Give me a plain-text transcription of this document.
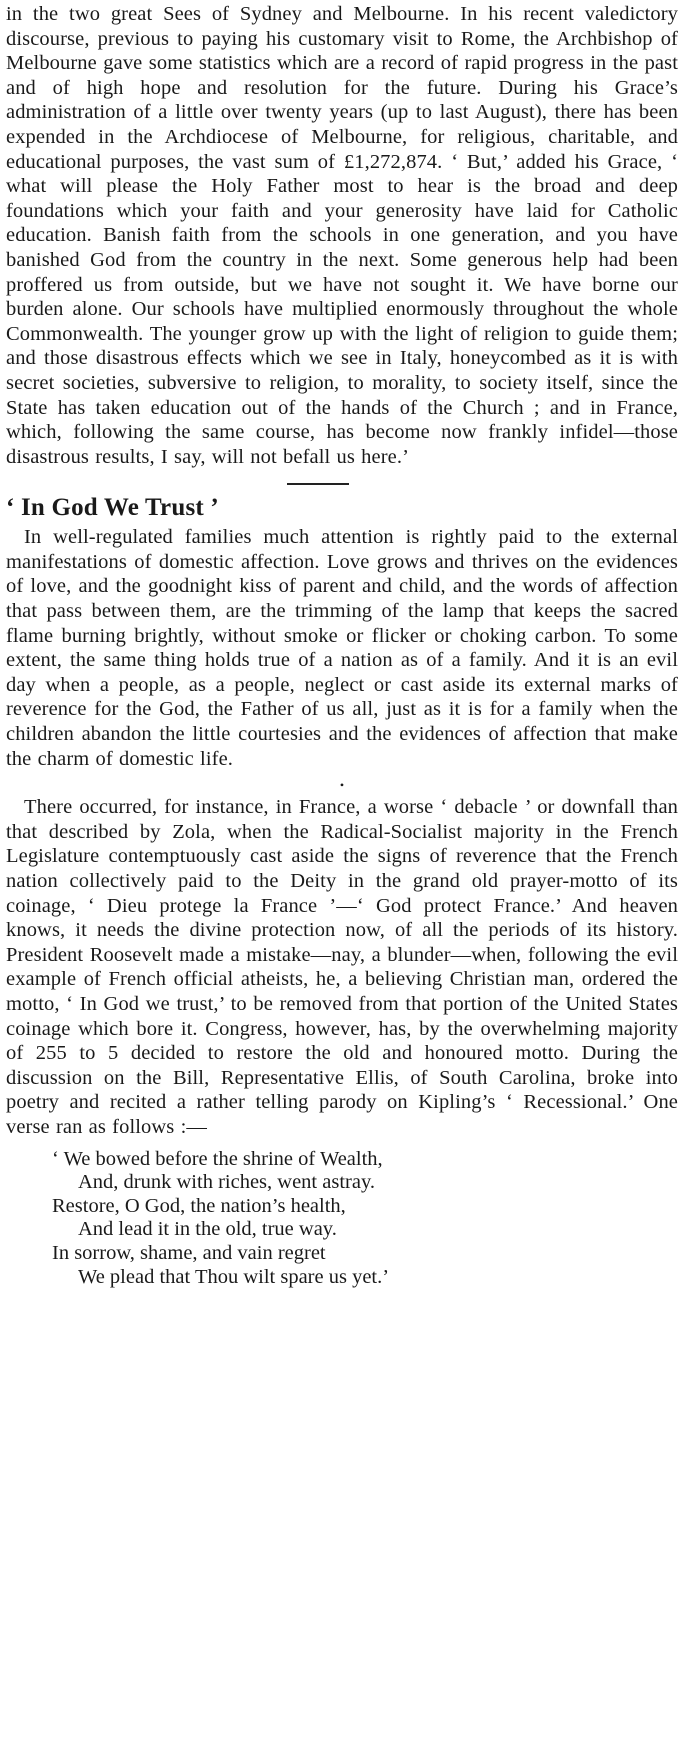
in the two great Sees of Sydney and Melbourne. In his recent valedictory discourse, previous to paying his customary visit to Rome, the Archbishop of Melbourne gave some statistics which are a record of rapid progress in the past and of high hope and resolution for the future. During his Grace’s administration of a little over twenty years (up to last August), there has been expended in the Archdiocese of Melbourne, for religious, charitable, and educational purposes, the vast sum of £1,272,874. ‘ But,’ added his Grace, ‘ what will please the Holy Father most to hear is the broad and deep foundations which your faith and your generosity have laid for Catholic education. Banish faith from the schools in one generation, and you have banished God from the country in the next. Some generous help had been proffered us from outside, but we have not sought it. We have borne our burden alone. Our schools have multiplied enormously throughout the whole Commonwealth. The younger grow up with the light of religion to guide them; and those disastrous effects which we see in Italy, honeycombed as it is with secret societies, subversive to religion, to morality, to society itself, since the State has taken education out of the hands of the Church ; and in France, which, following the same course, has become now frankly infidel—those disastrous results, I say, will not befall us here.’

‘ In God We Trust ’

In well-regulated families much attention is rightly paid to the external manifestations of domestic affection. Love grows and thrives on the evidences of love, and the goodnight kiss of parent and child, and the words of affection that pass between them, are the trimming of the lamp that keeps the sacred flame burning brightly, without smoke or flicker or choking carbon. To some extent, the same thing holds true of a nation as of a family. And it is an evil day when a people, as a people, neglect or cast aside its external marks of reverence for the God, the Father of us all, just as it is for a family when the children abandon the little courtesies and the evidences of affection that make the charm of domestic life.

•

There occurred, for instance, in France, a worse ‘ debacle ’ or downfall than that described by Zola, when the Radical-Socialist majority in the French Legislature contemptuously cast aside the signs of reverence that the French nation collectively paid to the Deity in the grand old prayer-motto of its coinage, ‘ Dieu protege la France ’—‘ God protect France.’ And heaven knows, it needs the divine protection now, of all the periods of its history. President Roosevelt made a mistake—nay, a blunder—when, following the evil example of French official atheists, he, a believing Christian man, ordered the motto, ‘ In God we trust,’ to be removed from that portion of the United States coinage which bore it. Congress, however, has, by the overwhelming majority of 255 to 5 decided to restore the old and honoured motto. During the discussion on the Bill, Representative Ellis, of South Carolina, broke into poetry and recited a rather telling parody on Kipling’s ‘ Recessional.’ One verse ran as follows :—

‘ We bowed before the shrine of Wealth,
And, drunk with riches, went astray.
Restore, O God, the nation’s health,
And lead it in the old, true way.
In sorrow, shame, and vain regret
We plead that Thou wilt spare us yet.’
